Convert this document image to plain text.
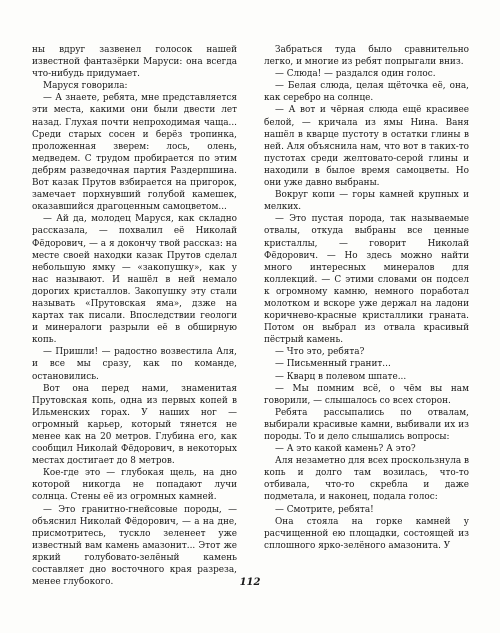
ны вдруг зазвенел голосок нашей известной фантазёрки Маруси: она всегда что-нибудь придумает.

Маруся говорила:

— А знаете, ребята, мне представляется эти места, какими они были двести лет назад. Глухая почти непроходимая чаща... Среди старых сосен и берёз тропинка, проложенная зверем: лось, олень, медведем. С трудом пробирается по этим дебрям разведочная партия Раздерпшина. Вот казак Прутов взбирается на пригорок, замечает порхнувший голубой камешек, оказавшийся драгоценным самоцветом...

— Ай да, молодец Маруся, как складно рассказала, — похвалил её Николай Фёдорович, — а я докончу твой рассказ: на месте своей находки казак Прутов сделал небольшую ямку — «закопушку», как у нас называют. И нашёл в ней немало дорогих кристаллов. Закопушку эту стали называть «Прутовская яма», дзже на картах так писали. Впоследствии геологи и минералоги разрыли её в обширную копь.

— Пришли! — радостно возвестила Аля, и все мы сразу, как по команде, остановились.

Вот она перед нами, знаменитая Прутовская копь, одна из первых копей в Ильменских горах. У наших ног — огромный карьер, который тянется не менее как на 20 метров. Глубина его, как сообщил Николай Фёдорович, в некоторых местах достигает до 8 метров.

Кое-где это — глубокая щель, на дно которой никогда не попадают лучи солнца. Стены её из огромных камней.

— Это гранитно-гнейсовые породы, — объяснил Николай Фёдорович, — а на дне, присмотритесь, тускло зеленеет уже известный вам камень амазонит... Этот же яркий голубовато-зелёный камень составляет дно восточного края разреза, менее глубокого.

Забраться туда было сравнительно легко, и многие из ребят попрыгали вниз.

— Слюда! — раздался один голос.

— Белая слюда, целая щёточка её, она, как серебро на солнце.

— А вот и чёрная слюда ещё красивее белой, — кричала из ямы Нина. Ваня нашёл в кварце пустоту в остатки глины в ней. Аля объяснила нам, что вот в таких-то пустотах среди желтовато-серой глины и находили в былое время самоцветы. Но они уже давно выбраны.

Вокруг копи — горы камней крупных и мелких.

— Это пустая порода, так называемые отвалы, откуда выбраны все ценные кристаллы, — говорит Николай Фёдорович. — Но здесь можно найти много интересных минералов для коллекций. — С этими словами он подсел к огромному камню, немного поработал молотком и вскоре уже держал на ладони коричнево-красные кристаллики граната. Потом он выбрал из отвала красивый пёстрый камень.

— Что это, ребята?

— Письменный гранит...

— Кварц в полевом шпате...

— Мы помним всё, о чём вы нам говорили, — слышалось со всех сторон.

Ребята рассыпались по отвалам, выбирали красивые камни, выбивали их из породы. То и дело слышались вопросы:

— А это какой камень? А это?

Аля незаметно для всех проскользнула в копь и долго там возилась, что-то отбивала, что-то скребла и даже подметала, и наконец, подала голос:

— Смотрите, ребята!

Она стояла на горке камней у расчищенной ею площадки, состоящей из сплошного ярко-зелёного амазонита. У

112
